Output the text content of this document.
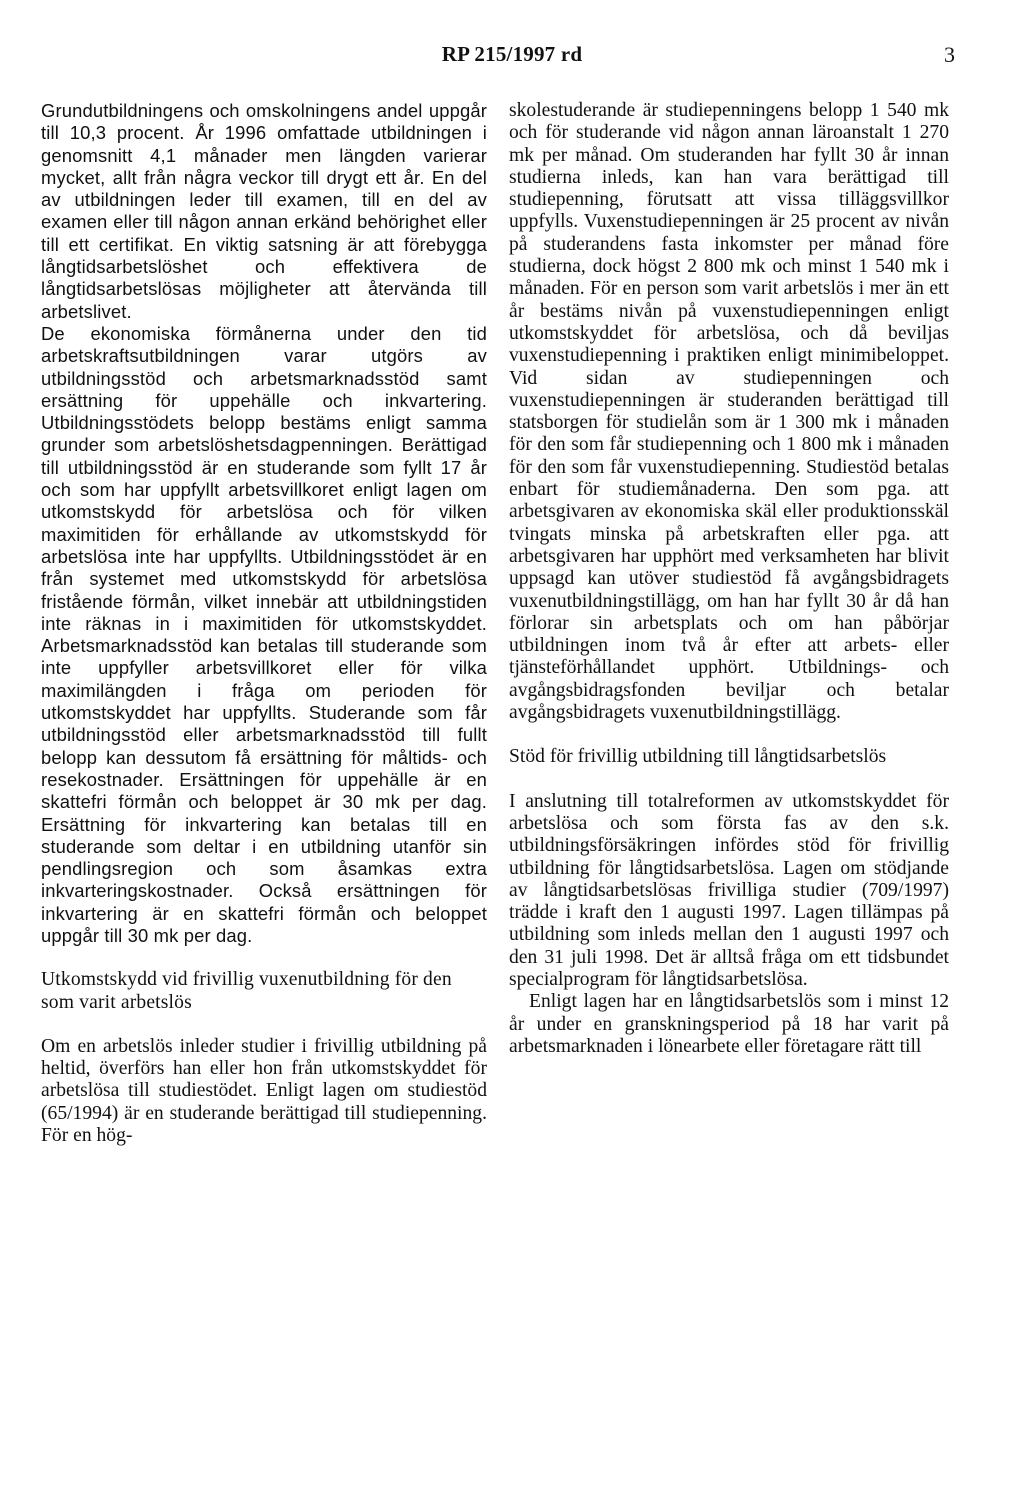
RP 215/1997 rd	3

Grundutbildningens och omskolningens andel uppgår till 10,3 procent. År 1996 omfattade utbildningen i genomsnitt 4,1 månader men längden varierar mycket, allt från några veckor till drygt ett år. En del av utbildningen leder till examen, till en del av examen eller till någon annan erkänd behörighet eller till ett certifikat. En viktig satsning är att förebygga långtidsarbetslöshet och effektivera de långtidsarbetslösas möjligheter att återvända till arbetslivet.

De ekonomiska förmånerna under den tid arbetskraftsutbildningen varar utgörs av utbildningsstöd och arbetsmarknadsstöd samt ersättning för uppehälle och inkvartering. Utbildningsstödets belopp bestäms enligt samma grunder som arbetslöshetsdagpenningen. Berättigad till utbildningsstöd är en studerande som fyllt 17 år och som har uppfyllt arbetsvillkoret enligt lagen om utkomstskydd för arbetslösa och för vilken maximitiden för erhållande av utkomstskydd för arbetslösa inte har uppfyllts. Utbildningsstödet är en från systemet med utkomstskydd för arbetslösa fristående förmån, vilket innebär att utbildningstiden inte räknas in i maximitiden för utkomstskyddet. Arbetsmarknadsstöd kan betalas till studerande som inte uppfyller arbetsvillkoret eller för vilka maximilängden i fråga om perioden för utkomstskyddet har uppfyllts. Studerande som får utbildningsstöd eller arbetsmarknadsstöd till fullt belopp kan dessutom få ersättning för måltids- och resekostnader. Ersättningen för uppehälle är en skattefri förmån och beloppet är 30 mk per dag. Ersättning för inkvartering kan betalas till en studerande som deltar i en utbildning utanför sin pendlingsregion och som åsamkas extra inkvarteringskostnader. Också ersättningen för inkvartering är en skattefri förmån och beloppet uppgår till 30 mk per dag.

Utkomstskydd vid frivillig vuxenutbildning för den som varit arbetslös

Om en arbetslös inleder studier i frivillig utbildning på heltid, överförs han eller hon från utkomstskyddet för arbetslösa till studiestödet. Enligt lagen om studiestöd (65/1994) är en studerande berättigad till studiepenning. För en hög-

skolestuderande är studiepenningens belopp 1 540 mk och för studerande vid någon annan läroanstalt 1 270 mk per månad. Om studeranden har fyllt 30 år innan studierna inleds, kan han vara berättigad till studiepenning, förutsatt att vissa tilläggsvillkor uppfylls. Vuxenstudiepenningen är 25 procent av nivån på studerandens fasta inkomster per månad före studierna, dock högst 2 800 mk och minst 1 540 mk i månaden. För en person som varit arbetslös i mer än ett år bestäms nivån på vuxenstudiepenningen enligt utkomstskyddet för arbetslösa, och då beviljas vuxenstudiepenning i praktiken enligt minimibeloppet. Vid sidan av studiepenningen och vuxenstudiepenningen är studeranden berättigad till statsborgen för studielån som är 1 300 mk i månaden för den som får studiepenning och 1 800 mk i månaden för den som får vuxenstudiepenning. Studiestöd betalas enbart för studiemånaderna. Den som pga. att arbetsgivaren av ekonomiska skäl eller produktionsskäl tvingats minska på arbetskraften eller pga. att arbetsgivaren har upphört med verksamheten har blivit uppsagd kan utöver studiestöd få avgångsbidragets vuxenutbildningstillägg, om han har fyllt 30 år då han förlorar sin arbetsplats och om han påbörjar utbildningen inom två år efter att arbets- eller tjänsteförhållandet upphört. Utbildnings- och avgångsbidragsfonden beviljar och betalar avgångsbidragets vuxenutbildningstillägg.

Stöd för frivillig utbildning till långtidsarbetslös

I anslutning till totalreformen av utkomstskyddet för arbetslösa och som första fas av den s.k. utbildningsförsäkringen infördes stöd för frivillig utbildning för långtidsarbetslösa. Lagen om stödjande av långtidsarbetslösas frivilliga studier (709/1997) trädde i kraft den 1 augusti 1997. Lagen tillämpas på utbildning som inleds mellan den 1 augusti 1997 och den 31 juli 1998. Det är alltså fråga om ett tidsbundet specialprogram för långtidsarbetslösa.

Enligt lagen har en långtidsarbetslös som i minst 12 år under en granskningsperiod på 18 har varit på arbetsmarknaden i lönearbete eller företagare rätt till
